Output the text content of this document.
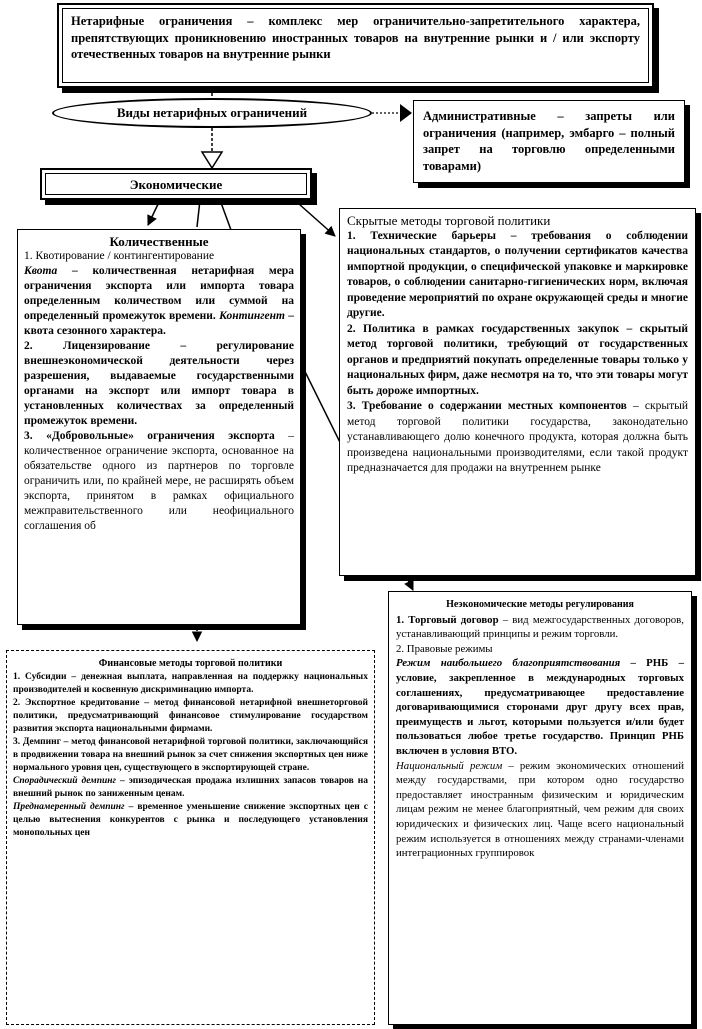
Нетарифные ограничения – комплекс мер ограничительно-запретительного характера, препятствующих проникновению иностранных товаров на внутренние рынки и / или экспорту отечественных товаров на внутренние рынки
Виды нетарифных ограничений	Административные – запреты или ограничения (например, эмбарго – полный запрет на торговлю определенными товарами)
Экономические

Количественные

1. Квотирование / контингентирование

Квота – количественная нетарифная мера ограничения экспорта или импорта товара определенным количеством или суммой на определенный промежуток времени. Контингент – квота сезонного характера.

2. Лицензирование – регулирование внешнеэкономической деятельности через разрешения, выдаваемые государственными органами на экспорт или импорт товара в установленных количествах за определенный промежуток времени.

3. «Добровольные» ограничения экспорта – количественное ограничение экспорта, основанное на обязательстве одного из партнеров по торговле ограничить или, по крайней мере, не расширять объем экспорта, принятом в рамках официального межправительственного или неофициального соглашения об

Скрытые методы торговой политики

1. Технические барьеры – требования о соблюдении национальных стандартов, о получении сертификатов качества импортной продукции, о специфической упаковке и маркировке товаров, о соблюдении санитарно-гигиенических норм, включая проведение мероприятий по охране окружающей среды и многие другие.

2. Политика в рамках государственных закупок – скрытый метод торговой политики, требующий от государственных органов и предприятий покупать определенные товары только у национальных фирм, даже несмотря на то, что эти товары могут быть дороже импортных.

3. Требование о содержании местных компонентов – скрытый метод торговой политики государства, законодательно устанавливающего долю конечного продукта, которая должна быть произведена национальными производителями, если такой продукт предназначается для продажи на внутреннем рынке

Неэкономические методы регулирования

1. Торговый договор – вид межгосударственных договоров, устанавливающий принципы и режим торговли.

2. Правовые режимы

Режим наибольшего благоприятствования – РНБ – условие, закрепленное в международных торговых соглашениях, предусматривающее предоставление договаривающимися сторонами друг другу всех прав, преимуществ и льгот, которыми пользуется и/или будет пользоваться любое третье государство. Принцип РНБ включен в условия ВТО.

Национальный режим – режим экономических отношений между государствами, при котором одно государство предоставляет иностранным физическим и юридическим лицам режим не менее благоприятный, чем режим для своих юридических и физических лиц. Чаще всего национальный режим используется в отношениях между странами-членами интеграционных группировок

Финансовые методы торговой политики

1. Субсидии – денежная выплата, направленная на поддержку национальных производителей и косвенную дискриминацию импорта.

2. Экспортное кредитование – метод финансовой нетарифной внешнеторговой политики, предусматривающий финансовое стимулирование государством развития экспорта национальными фирмами.

3. Демпинг – метод финансовой нетарифной торговой политики, заключающийся в продвижении товара на внешний рынок за счет снижения экспортных цен ниже нормального уровня цен, существующего в экспортирующей стране.

Спорадический демпинг – эпизодическая продажа излишних запасов товаров на внешний рынок по заниженным ценам.

Преднамеренный демпинг – временное уменьшение снижение экспортных цен с целью вытеснения конкурентов с рынка и последующего установления монопольных цен
